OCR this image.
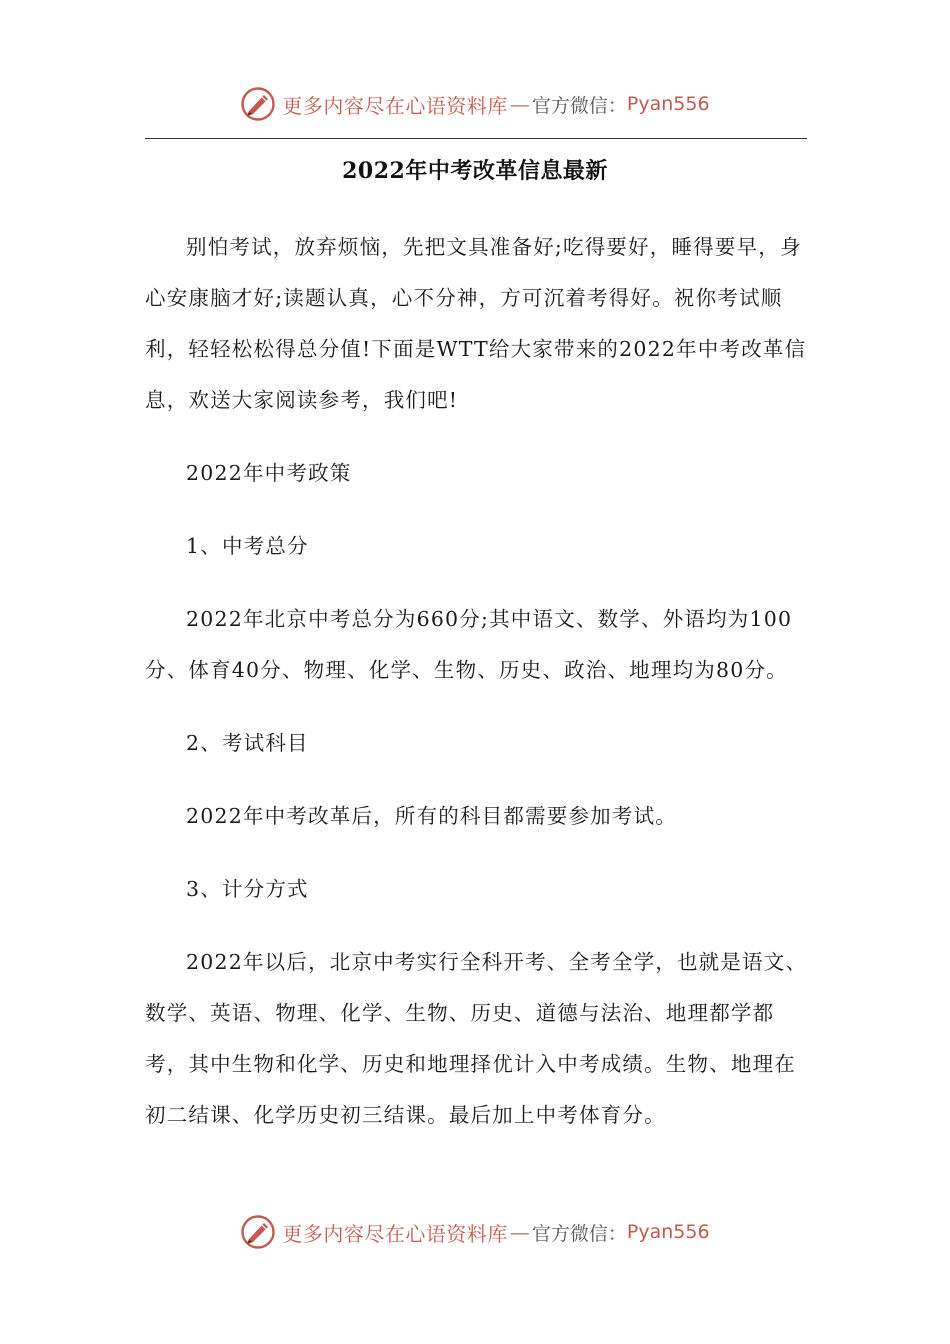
更多内容尽在心语资料库 — 官方微信： Pyan556
2022年中考改革信息最新

别怕考试，放弃烦恼，先把文具准备好;吃得要好，睡得要早，身心安康脑才好;读题认真，心不分神，方可沉着考得好。祝你考试顺利，轻轻松松得总分值!下面是WTT给大家带来的2022年中考改革信息，欢送大家阅读参考，我们吧!

2022年中考政策

1、中考总分

2022年北京中考总分为660分;其中语文、数学、外语均为100分、体育40分、物理、化学、生物、历史、政治、地理均为80分。

2、考试科目

2022年中考改革后，所有的科目都需要参加考试。

3、计分方式

2022年以后，北京中考实行全科开考、全考全学，也就是语文、数学、英语、物理、化学、生物、历史、道德与法治、地理都学都考，其中生物和化学、历史和地理择优计入中考成绩。生物、地理在初二结课、化学历史初三结课。最后加上中考体育分。

更多内容尽在心语资料库 — 官方微信： Pyan556
